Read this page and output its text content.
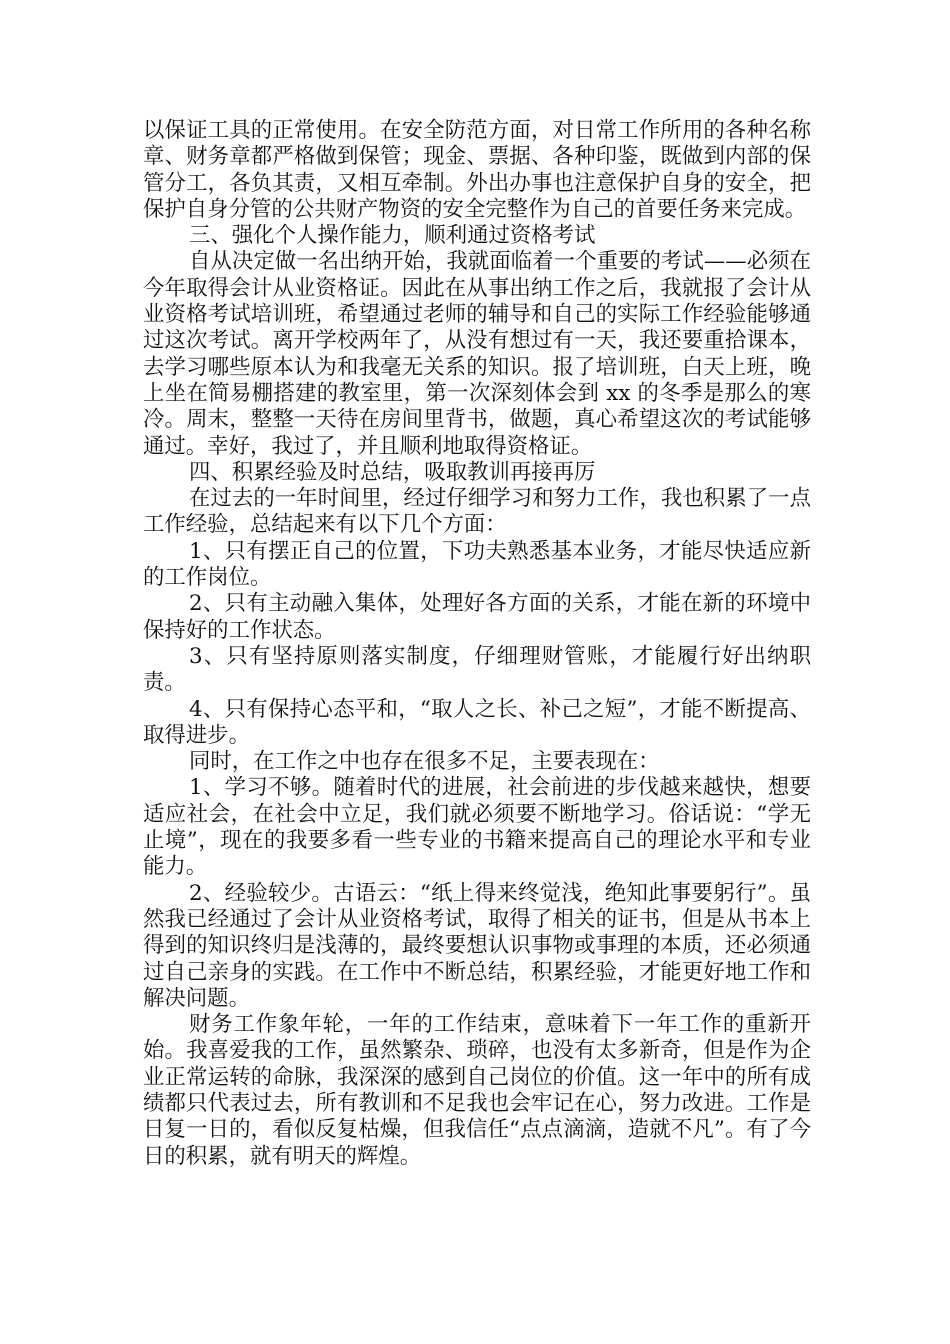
以保证工具的正常使用。在安全防范方面，对日常工作所用的各种名称章、财务章都严格做到保管；现金、票据、各种印鉴，既做到内部的保管分工，各负其责，又相互牵制。外出办事也注意保护自身的安全，把保护自身分管的公共财产物资的安全完整作为自己的首要任务来完成。

三、强化个人操作能力，顺利通过资格考试

自从决定做一名出纳开始，我就面临着一个重要的考试——必须在今年取得会计从业资格证。因此在从事出纳工作之后，我就报了会计从业资格考试培训班，希望通过老师的辅导和自己的实际工作经验能够通过这次考试。离开学校两年了，从没有想过有一天，我还要重拾课本，去学习哪些原本认为和我毫无关系的知识。报了培训班，白天上班，晚上坐在简易棚搭建的教室里，第一次深刻体会到 xx 的冬季是那么的寒冷。周末，整整一天待在房间里背书，做题，真心希望这次的考试能够通过。幸好，我过了，并且顺利地取得资格证。

四、积累经验及时总结，吸取教训再接再厉

在过去的一年时间里，经过仔细学习和努力工作，我也积累了一点工作经验，总结起来有以下几个方面：

1、只有摆正自己的位置，下功夫熟悉基本业务，才能尽快适应新的工作岗位。

2、只有主动融入集体，处理好各方面的关系，才能在新的环境中保持好的工作状态。

3、只有坚持原则落实制度，仔细理财管账，才能履行好出纳职责。

4、只有保持心态平和，“取人之长、补己之短”，才能不断提高、取得进步。

同时，在工作之中也存在很多不足，主要表现在：

1、学习不够。随着时代的进展，社会前进的步伐越来越快，想要适应社会，在社会中立足，我们就必须要不断地学习。俗话说：“学无止境”，现在的我要多看一些专业的书籍来提高自己的理论水平和专业能力。

2、经验较少。古语云：“纸上得来终觉浅，绝知此事要躬行”。虽然我已经通过了会计从业资格考试，取得了相关的证书，但是从书本上得到的知识终归是浅薄的，最终要想认识事物或事理的本质，还必须通过自己亲身的实践。在工作中不断总结，积累经验，才能更好地工作和解决问题。

财务工作象年轮，一年的工作结束，意味着下一年工作的重新开始。我喜爱我的工作，虽然繁杂、琐碎，也没有太多新奇，但是作为企业正常运转的命脉，我深深的感到自己岗位的价值。这一年中的所有成绩都只代表过去，所有教训和不足我也会牢记在心，努力改进。工作是日复一日的，看似反复枯燥，但我信任“点点滴滴，造就不凡”。有了今日的积累，就有明天的辉煌。
